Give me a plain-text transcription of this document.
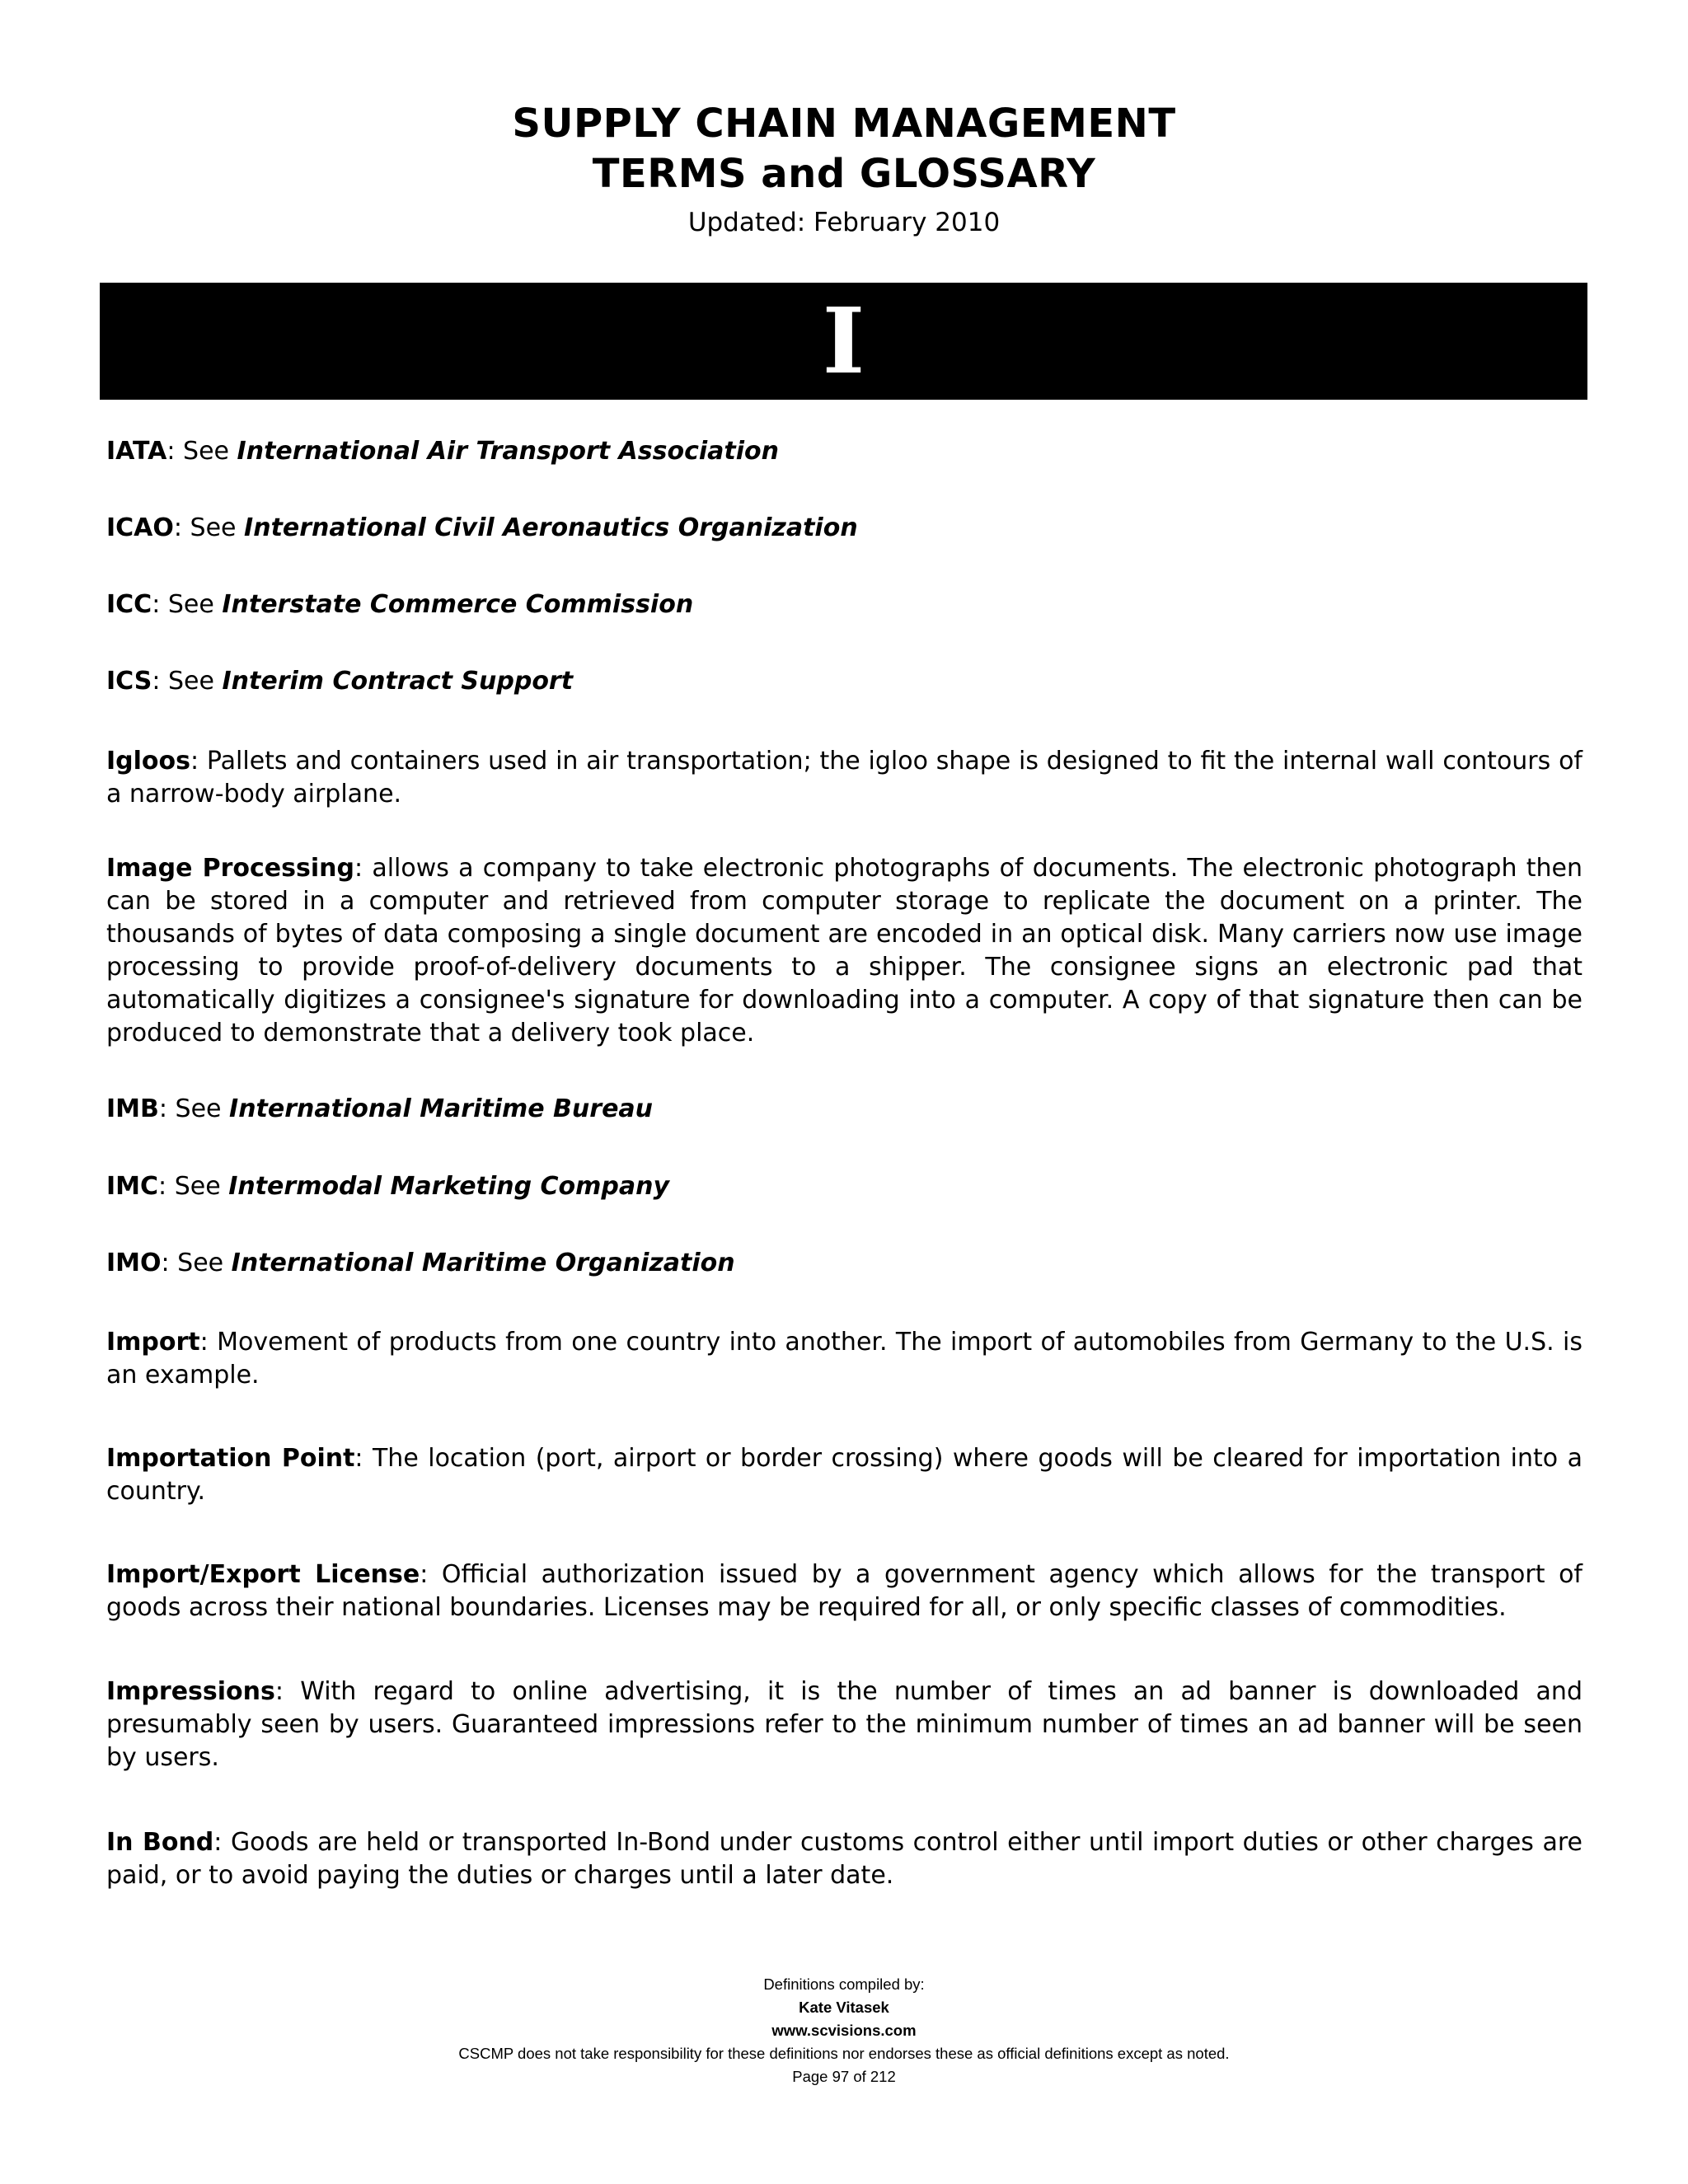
SUPPLY CHAIN MANAGEMENT
TERMS and GLOSSARY
Updated: February 2010
I
IATA: See International Air Transport Association
ICAO: See International Civil Aeronautics Organization
ICC: See Interstate Commerce Commission
ICS: See Interim Contract Support
Igloos: Pallets and containers used in air transportation; the igloo shape is designed to fit the internal wall contours of a narrow-body airplane.
Image Processing: allows a company to take electronic photographs of documents. The electronic photograph then can be stored in a computer and retrieved from computer storage to replicate the document on a printer. The thousands of bytes of data composing a single document are encoded in an optical disk. Many carriers now use image processing to provide proof-of-delivery documents to a shipper. The consignee signs an electronic pad that automatically digitizes a consignee's signature for downloading into a computer. A copy of that signature then can be produced to demonstrate that a delivery took place.
IMB: See International Maritime Bureau
IMC: See Intermodal Marketing Company
IMO: See International Maritime Organization
Import: Movement of products from one country into another. The import of automobiles from Germany to the U.S. is an example.
Importation Point: The location (port, airport or border crossing) where goods will be cleared for importation into a country.
Import/Export License: Official authorization issued by a government agency which allows for the transport of goods across their national boundaries. Licenses may be required for all, or only specific classes of commodities.
Impressions: With regard to online advertising, it is the number of times an ad banner is downloaded and presumably seen by users. Guaranteed impressions refer to the minimum number of times an ad banner will be seen by users.
In Bond: Goods are held or transported In-Bond under customs control either until import duties or other charges are paid, or to avoid paying the duties or charges until a later date.
Definitions compiled by:
Kate Vitasek
www.scvisions.com
CSCMP does not take responsibility for these definitions nor endorses these as official definitions except as noted.
Page 97 of 212
